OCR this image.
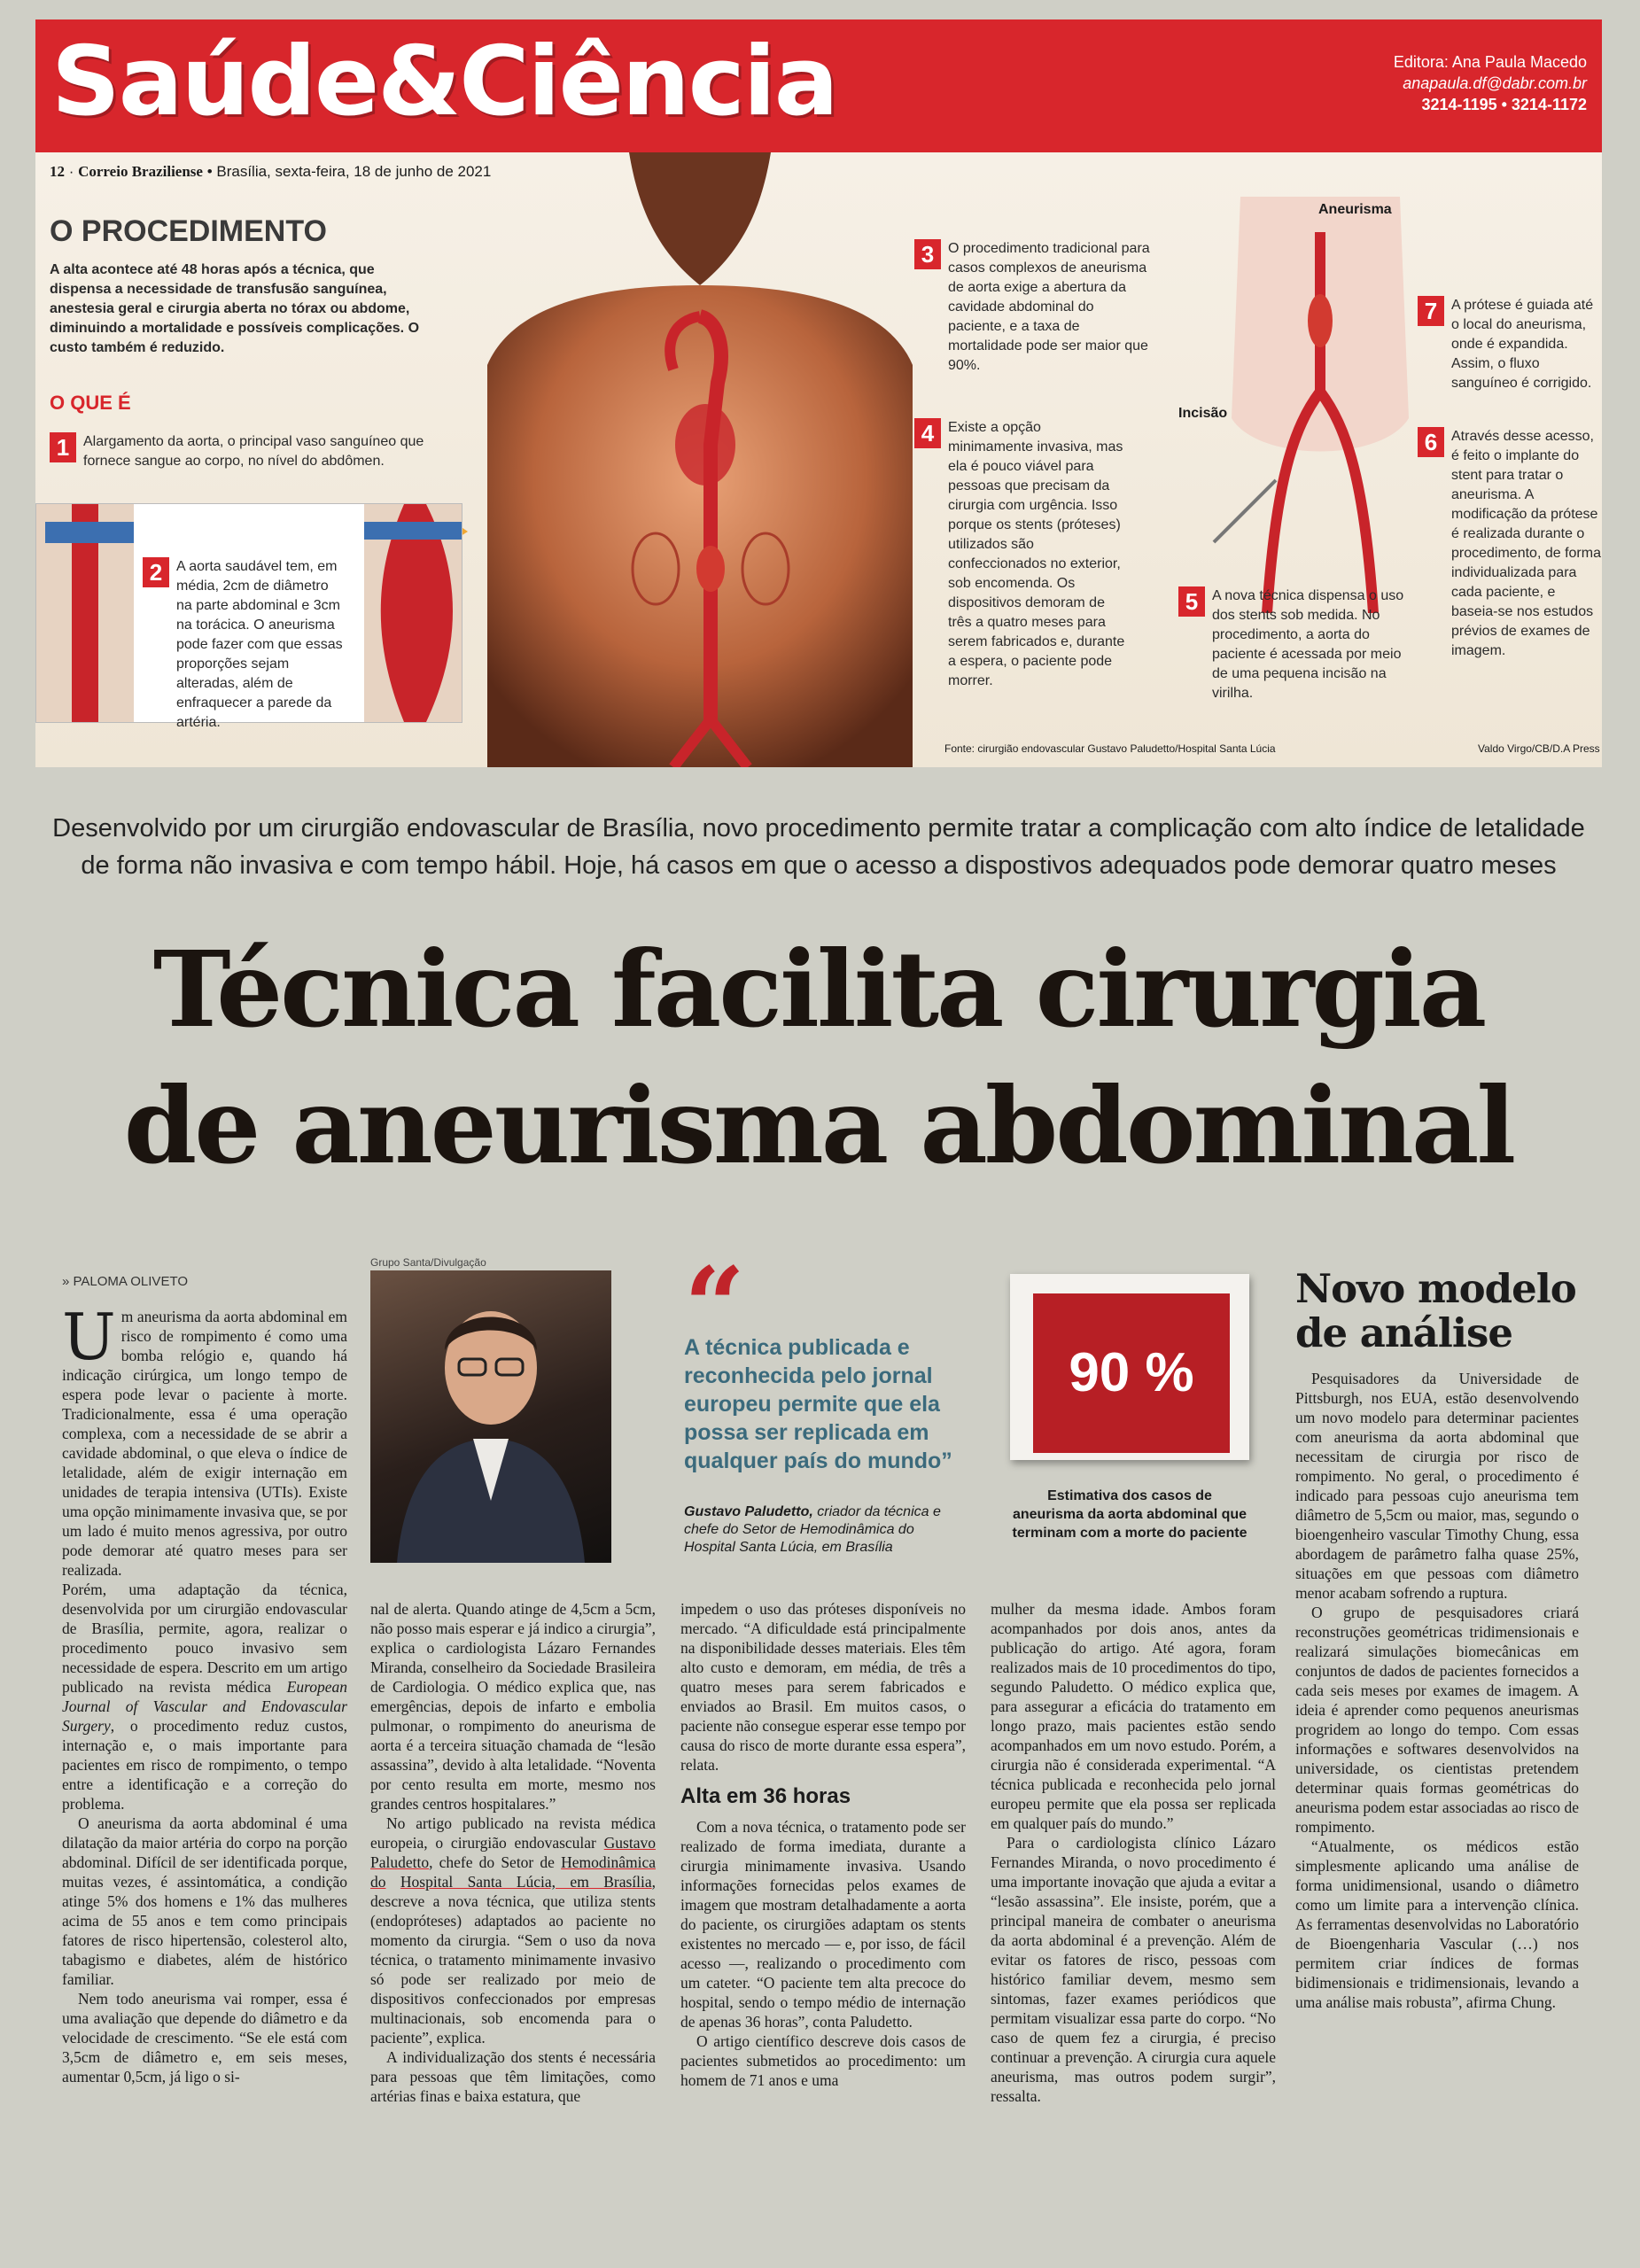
Saúde&Ciência	Editora: Ana Paula Macedo
anapaula.df@dabr.com.br
3214-1195 • 3214-1172
12 · Correio Braziliense • Brasília, sexta-feira, 18 de junho de 2021
O PROCEDIMENTO
A alta acontece até 48 horas após a técnica, que dispensa a necessidade de transfusão sanguínea, anestesia geral e cirurgia aberta no tórax ou abdome, diminuindo a mortalidade e possíveis complicações. O custo também é reduzido.
O QUE É
1 Alargamento da aorta, o principal vaso sanguíneo que fornece sangue ao corpo, no nível do abdômen.
2 A aorta saudável tem, em média, 2cm de diâmetro na parte abdominal e 3cm na torácica. O aneurisma pode fazer com que essas proporções sejam alteradas, além de enfraquecer a parede da artéria.
3 O procedimento tradicional para casos complexos de aneurisma de aorta exige a abertura da cavidade abdominal do paciente, e a taxa de mortalidade pode ser maior que 90%.
4 Existe a opção minimamente invasiva, mas ela é pouco viável para pessoas que precisam da cirurgia com urgência. Isso porque os stents (próteses) utilizados são confeccionados no exterior, sob encomenda. Os dispositivos demoram de três a quatro meses para serem fabricados e, durante a espera, o paciente pode morrer.
Aneurisma
Incisão
5 A nova técnica dispensa o uso dos stents sob medida. No procedimento, a aorta do paciente é acessada por meio de uma pequena incisão na virilha.
6 Através desse acesso, é feito o implante do stent para tratar o aneurisma. A modificação da prótese é realizada durante o procedimento, de forma individualizada para cada paciente, e baseia-se nos estudos prévios de exames de imagem.
7 A prótese é guiada até o local do aneurisma, onde é expandida. Assim, o fluxo sanguíneo é corrigido.
Fonte: cirurgião endovascular Gustavo Paludetto/Hospital Santa Lúcia	Valdo Virgo/CB/D.A Press
Desenvolvido por um cirurgião endovascular de Brasília, novo procedimento permite tratar a complicação com alto índice de letalidade de forma não invasiva e com tempo hábil. Hoje, há casos em que o acesso a dispostivos adequados pode demorar quatro meses
Técnica facilita cirurgia
de aneurisma abdominal
» PALOMA OLIVETO

Um aneurisma da aorta abdominal em risco de rompimento é como uma bomba relógio e, quando há indicação cirúrgica, um longo tempo de espera pode levar o paciente à morte. Tradicionalmente, essa é uma operação complexa, com a necessidade de se abrir a cavidade abdominal, o que eleva o índice de letalidade, além de exigir internação em unidades de terapia intensiva (UTIs). Existe uma opção minimamente invasiva que, se por um lado é muito menos agressiva, por outro pode demorar até quatro meses para ser realizada.

Porém, uma adaptação da técnica, desenvolvida por um cirurgião endovascular de Brasília, permite, agora, realizar o procedimento pouco invasivo sem necessidade de espera. Descrito em um artigo publicado na revista médica European Journal of Vascular and Endovascular Surgery, o procedimento reduz custos, internação e, o mais importante para pacientes em risco de rompimento, o tempo entre a identificação e a correção do problema.

O aneurisma da aorta abdominal é uma dilatação da maior artéria do corpo na porção abdominal. Difícil de ser identificada porque, muitas vezes, é assintomática, a condição atinge 5% dos homens e 1% das mulheres acima de 55 anos e tem como principais fatores de risco hipertensão, colesterol alto, tabagismo e diabetes, além de histórico familiar.

Nem todo aneurisma vai romper, essa é uma avaliação que depende do diâmetro e da velocidade de crescimento. “Se ele está com 3,5cm de diâmetro e, em seis meses, aumentar 0,5cm, já ligo o si-

Grupo Santa/Divulgação

nal de alerta. Quando atinge de 4,5cm a 5cm, não posso mais esperar e já indico a cirurgia”, explica o cardiologista Lázaro Fernandes Miranda, conselheiro da Sociedade Brasileira de Cardiologia. O médico explica que, nas emergências, depois de infarto e embolia pulmonar, o rompimento do aneurisma de aorta é a terceira situação chamada de “lesão assassina”, devido à alta letalidade. “Noventa por cento resulta em morte, mesmo nos grandes centros hospitalares.”

No artigo publicado na revista médica europeia, o cirurgião endovascular Gustavo Paludetto, chefe do Setor de Hemodinâmica do Hospital Santa Lúcia, em Brasília, descreve a nova técnica, que utiliza stents (endopróteses) adaptados ao paciente no momento da cirurgia. “Sem o uso da nova técnica, o tratamento minimamente invasivo só pode ser realizado por meio de dispositivos confeccionados por empresas multinacionais, sob encomenda para o paciente”, explica.

A individualização dos stents é necessária para pessoas que têm limitações, como artérias finas e baixa estatura, que

“
A técnica publicada e reconhecida pelo jornal europeu permite que ela possa ser replicada em qualquer país do mundo”
Gustavo Paludetto, criador da técnica e chefe do Setor de Hemodinâmica do Hospital Santa Lúcia, em Brasília

impedem o uso das próteses disponíveis no mercado. “A dificuldade está principalmente na disponibilidade desses materiais. Eles têm alto custo e demoram, em média, de três a quatro meses para serem fabricados e enviados ao Brasil. Em muitos casos, o paciente não consegue esperar esse tempo por causa do risco de morte durante essa espera”, relata.

Alta em 36 horas

Com a nova técnica, o tratamento pode ser realizado de forma imediata, durante a cirurgia minimamente invasiva. Usando informações fornecidas pelos exames de imagem que mostram detalhadamente a aorta do paciente, os cirurgiões adaptam os stents existentes no mercado — e, por isso, de fácil acesso —, realizando o procedimento com um cateter. “O paciente tem alta precoce do hospital, sendo o tempo médio de internação de apenas 36 horas”, conta Paludetto.

O artigo científico descreve dois casos de pacientes submetidos ao procedimento: um homem de 71 anos e uma

90 %
Estimativa dos casos de aneurisma da aorta abdominal que terminam com a morte do paciente

mulher da mesma idade. Ambos foram acompanhados por dois anos, antes da publicação do artigo. Até agora, foram realizados mais de 10 procedimentos do tipo, segundo Paludetto. O médico explica que, para assegurar a eficácia do tratamento em longo prazo, mais pacientes estão sendo acompanhados em um novo estudo. Porém, a cirurgia não é considerada experimental. “A técnica publicada e reconhecida pelo jornal europeu permite que ela possa ser replicada em qualquer país do mundo.”

Para o cardiologista clínico Lázaro Fernandes Miranda, o novo procedimento é uma importante inovação que ajuda a evitar a “lesão assassina”. Ele insiste, porém, que a principal maneira de combater o aneurisma da aorta abdominal é a prevenção. Além de evitar os fatores de risco, pessoas com histórico familiar devem, mesmo sem sintomas, fazer exames periódicos que permitam visualizar essa parte do corpo. “No caso de quem fez a cirurgia, é preciso continuar a prevenção. A cirurgia cura aquele aneurisma, mas outros podem surgir”, ressalta.

Novo modelo de análise

Pesquisadores da Universidade de Pittsburgh, nos EUA, estão desenvolvendo um novo modelo para determinar pacientes com aneurisma da aorta abdominal que necessitam de cirurgia por risco de rompimento. No geral, o procedimento é indicado para pessoas cujo aneurisma tem diâmetro de 5,5cm ou maior, mas, segundo o bioengenheiro vascular Timothy Chung, essa abordagem de parâmetro falha quase 25%, situações em que pessoas com diâmetro menor acabam sofrendo a ruptura.

O grupo de pesquisadores criará reconstruções geométricas tridimensionais e realizará simulações biomecânicas em conjuntos de dados de pacientes fornecidos a cada seis meses por exames de imagem. A ideia é aprender como pequenos aneurismas progridem ao longo do tempo. Com essas informações e softwares desenvolvidos na universidade, os cientistas pretendem determinar quais formas geométricas do aneurisma podem estar associadas ao risco de rompimento.

“Atualmente, os médicos estão simplesmente aplicando uma análise de forma unidimensional, usando o diâmetro como um limite para a intervenção clínica. As ferramentas desenvolvidas no Laboratório de Bioengenharia Vascular (…) nos permitem criar índices de formas bidimensionais e tridimensionais, levando a uma análise mais robusta”, afirma Chung.
